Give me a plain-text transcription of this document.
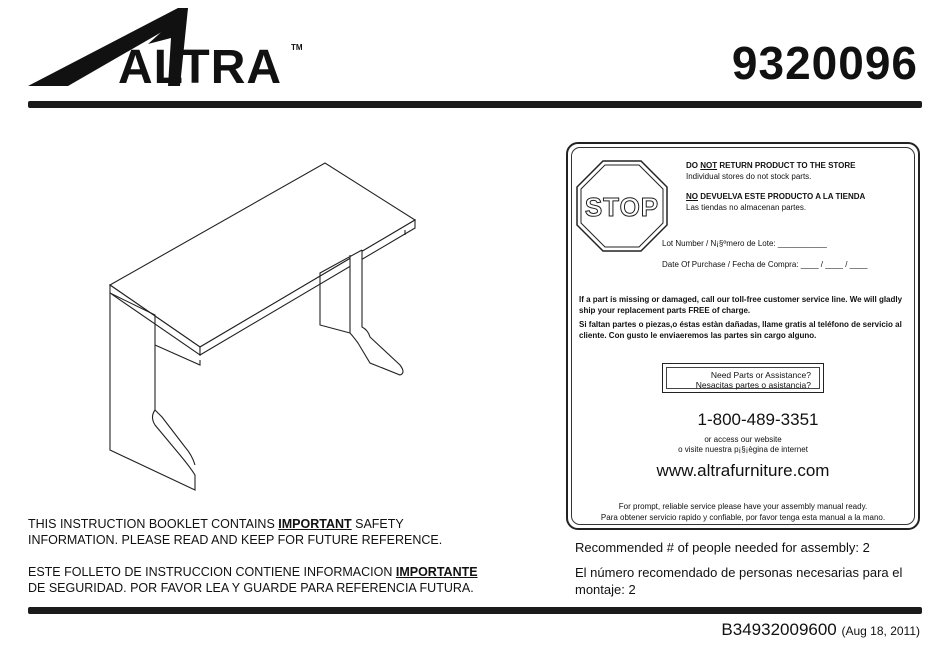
ALTRA TM	9320096
STOP
DO NOT RETURN PRODUCT TO THE STORE
Individual stores do not stock parts.
NO DEVUELVA ESTE PRODUCTO A LA TIENDA
Las tiendas no almacenan partes.
Lot Number / N¡§ºmero de Lote: ___________
Date Of Purchase / Fecha de Compra: ____ / ____ / ____
If a part is missing or damaged, call our toll-free customer service line. We will gladly ship your replacement parts FREE of charge.
Si faltan partes o piezas,o éstas estàn dañadas, llame gratis al teléfono de servicio al cliente. Con gusto le enviaeremos las partes sin cargo alguno.
Need Parts or Assistance?
Nesacitas partes o asistancia?
1-800-489-3351
or access our website
o visite nuestra p¡§¡ègina de internet
www.altrafurniture.com
For prompt, reliable service please have your assembly manual ready.
Para obtener servicio rapido y confiable, por favor tenga esta manual a la mano.
THIS INSTRUCTION BOOKLET CONTAINS IMPORTANT SAFETY
INFORMATION. PLEASE READ AND KEEP FOR FUTURE REFERENCE.
ESTE FOLLETO DE INSTRUCCION CONTIENE INFORMACION IMPORTANTE
DE SEGURIDAD. POR FAVOR LEA Y GUARDE PARA REFERENCIA FUTURA.
Recommended # of people needed for assembly: 2
El número recomendado de personas necesarias para el
montaje: 2
B34932009600 (Aug 18, 2011)
